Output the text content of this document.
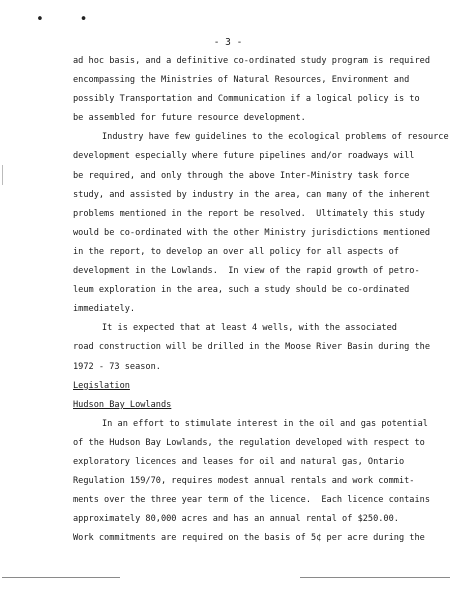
• •
- 3 -
ad hoc basis, and a definitive co-ordinated study program is required
encompassing the Ministries of Natural Resources, Environment and
possibly Transportation and Communication if a logical policy is to
be assembled for future resource development.
Industry have few guidelines to the ecological problems of resource
development especially where future pipelines and/or roadways will
be required, and only through the above Inter-Ministry task force
study, and assisted by industry in the area, can many of the inherent
problems mentioned in the report be resolved.  Ultimately this study
would be co-ordinated with the other Ministry jurisdictions mentioned
in the report, to develop an over all policy for all aspects of
development in the Lowlands.  In view of the rapid growth of petro-
leum exploration in the area, such a study should be co-ordinated
immediately.
It is expected that at least 4 wells, with the associated
road construction will be drilled in the Moose River Basin during the
1972 - 73 season.
Legislation
Hudson Bay Lowlands
In an effort to stimulate interest in the oil and gas potential
of the Hudson Bay Lowlands, the regulation developed with respect to
exploratory licences and leases for oil and natural gas, Ontario
Regulation 159/70, requires modest annual rentals and work commit-
ments over the three year term of the licence.  Each licence contains
approximately 80,000 acres and has an annual rental of $250.00.
Work commitments are required on the basis of 5¢ per acre during the
